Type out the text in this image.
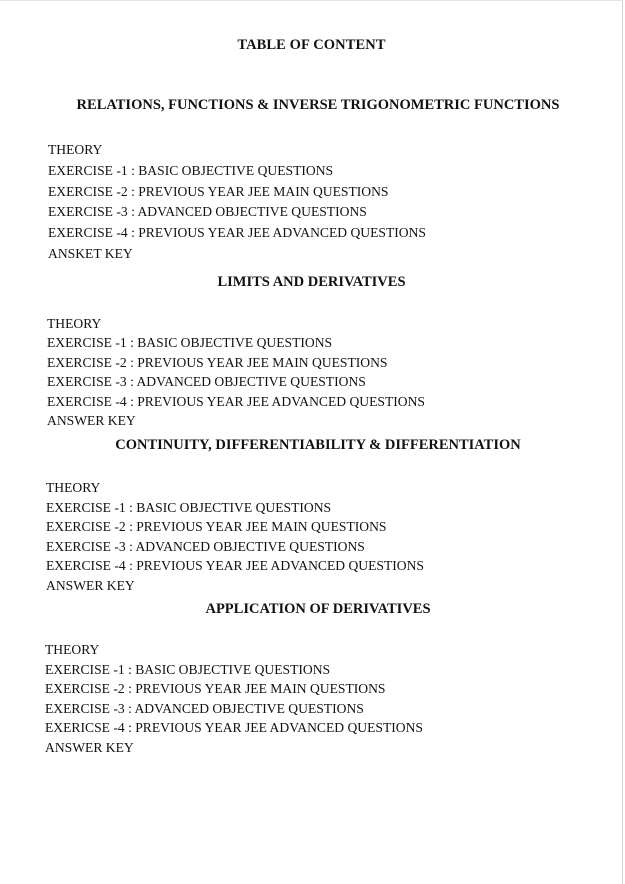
TABLE OF CONTENT
RELATIONS, FUNCTIONS & INVERSE TRIGONOMETRIC FUNCTIONS
THEORY
EXERCISE -1 : BASIC OBJECTIVE QUESTIONS
EXERCISE -2 : PREVIOUS YEAR JEE MAIN QUESTIONS
EXERCISE -3 : ADVANCED OBJECTIVE QUESTIONS
EXERCISE -4 : PREVIOUS YEAR JEE ADVANCED QUESTIONS
ANSKET KEY
LIMITS AND DERIVATIVES
THEORY
EXERCISE -1 : BASIC OBJECTIVE QUESTIONS
EXERCISE -2 : PREVIOUS YEAR JEE MAIN QUESTIONS
EXERCISE -3 : ADVANCED OBJECTIVE QUESTIONS
EXERCISE -4 : PREVIOUS YEAR JEE ADVANCED QUESTIONS
ANSWER KEY
CONTINUITY, DIFFERENTIABILITY & DIFFERENTIATION
THEORY
EXERCISE -1 : BASIC OBJECTIVE QUESTIONS
EXERCISE -2 : PREVIOUS YEAR JEE MAIN QUESTIONS
EXERCISE -3 : ADVANCED OBJECTIVE QUESTIONS
EXERCISE -4 : PREVIOUS YEAR JEE ADVANCED QUESTIONS
ANSWER KEY
APPLICATION OF DERIVATIVES
THEORY
EXERCISE -1 : BASIC OBJECTIVE QUESTIONS
EXERCISE -2 : PREVIOUS YEAR JEE MAIN QUESTIONS
EXERCISE -3 : ADVANCED OBJECTIVE QUESTIONS
EXERICSE -4 : PREVIOUS YEAR JEE ADVANCED QUESTIONS
ANSWER KEY
